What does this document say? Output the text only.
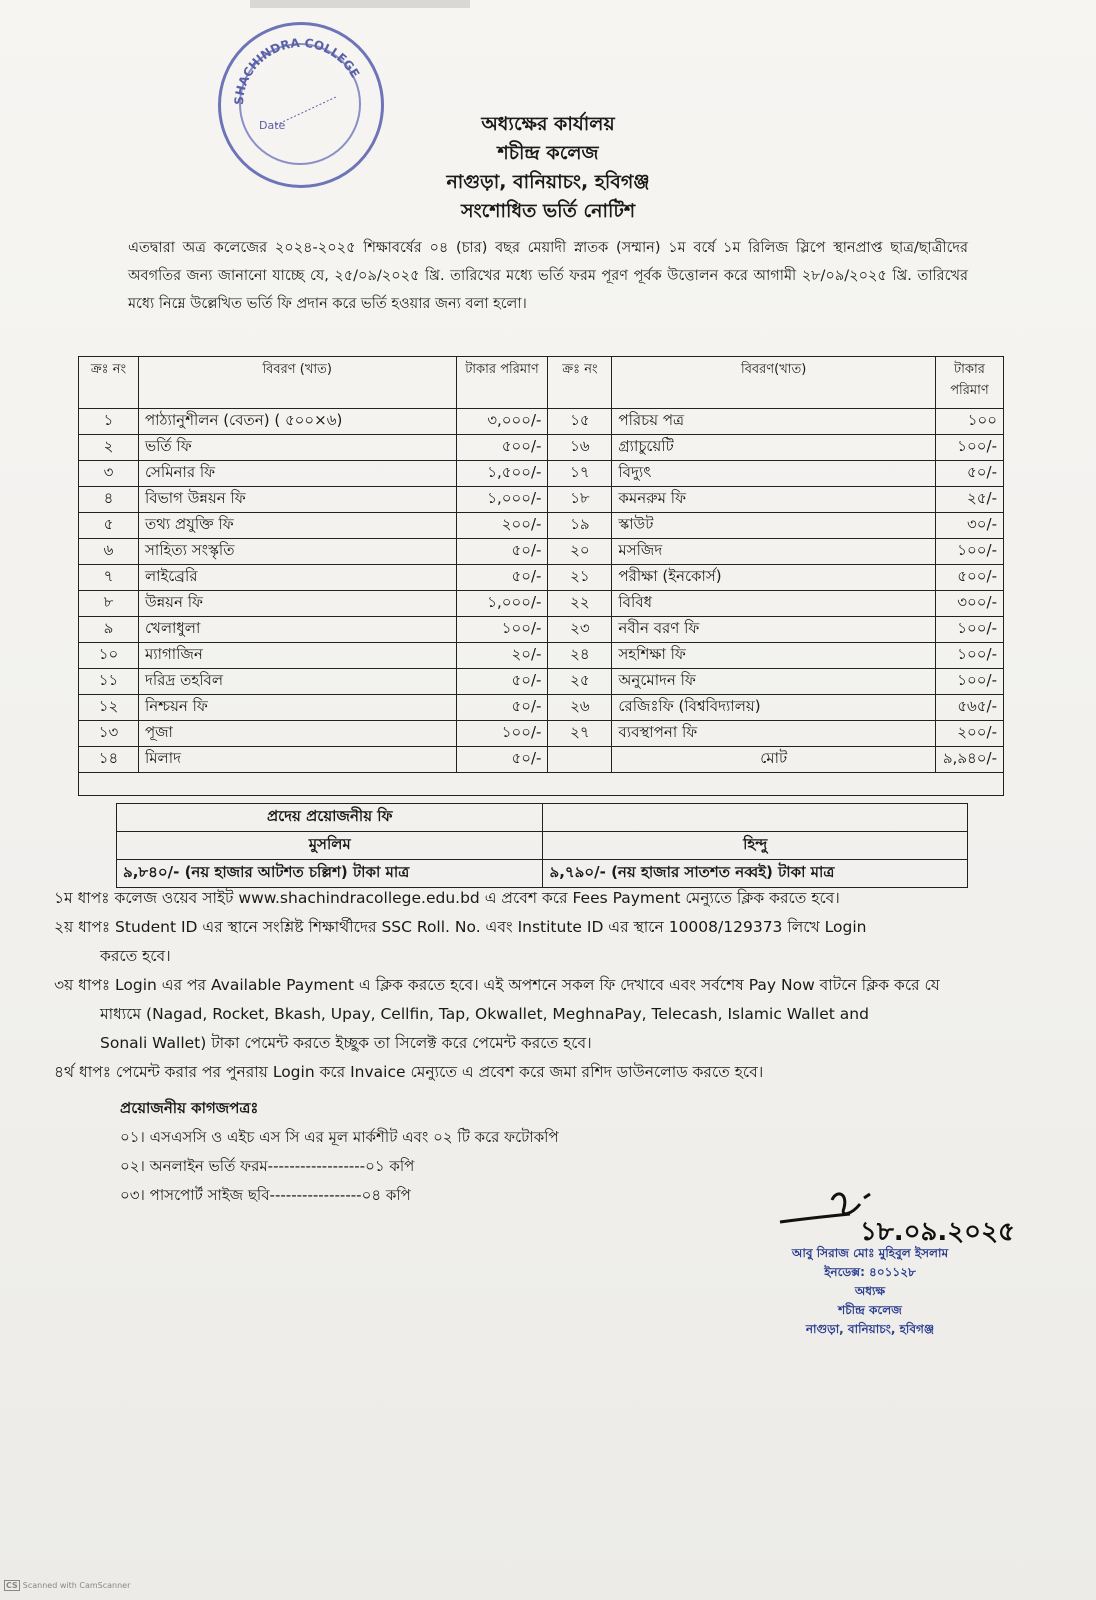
SHACHINDRA COLLEGE
Date	অধ্যক্ষের কার্যালয়
শচীন্দ্র কলেজ
নাগুড়া, বানিয়াচং, হবিগঞ্জ
সংশোধিত ভর্তি নোটিশ
এতদ্বারা অত্র কলেজের ২০২৪-২০২৫ শিক্ষাবর্ষের ০৪ (চার) বছর মেয়াদী স্নাতক (সম্মান) ১ম বর্ষে ১ম রিলিজ স্লিপে স্থানপ্রাপ্ত ছাত্র/ছাত্রীদের অবগতির জন্য জানানো যাচ্ছে যে, ২৫/০৯/২০২৫ খ্রি. তারিখের মধ্যে ভর্তি ফরম পূরণ পূর্বক উত্তোলন করে আগামী ২৮/০৯/২০২৫ খ্রি. তারিখের মধ্যে নিম্নে উল্লেখিত ভর্তি ফি প্রদান করে ভর্তি হওয়ার জন্য বলা হলো।
ক্রঃ নং	বিবরণ (খাত)	টাকার পরিমাণ	ক্রঃ নং	বিবরণ(খাত)	টাকার পরিমাণ
১	পাঠ্যানুশীলন (বেতন) ( ৫০০×৬)	৩,০০০/-	১৫	পরিচয় পত্র	১০০
২	ভর্তি ফি	৫০০/-	১৬	গ্র্যাচুয়েটি	১০০/-
৩	সেমিনার ফি	১,৫০০/-	১৭	বিদ্যুৎ	৫০/-
৪	বিভাগ উন্নয়ন ফি	১,০০০/-	১৮	কমনরুম ফি	২৫/-
৫	তথ্য প্রযুক্তি ফি	২০০/-	১৯	স্কাউট	৩০/-
৬	সাহিত্য সংস্কৃতি	৫০/-	২০	মসজিদ	১০০/-
৭	লাইব্রেরি	৫০/-	২১	পরীক্ষা (ইনকোর্স)	৫০০/-
৮	উন্নয়ন ফি	১,০০০/-	২২	বিবিধ	৩০০/-
৯	খেলাধুলা	১০০/-	২৩	নবীন বরণ ফি	১০০/-
১০	ম্যাগাজিন	২০/-	২৪	সহশিক্ষা ফি	১০০/-
১১	দরিদ্র তহবিল	৫০/-	২৫	অনুমোদন ফি	১০০/-
১২	নিশ্চয়ন ফি	৫০/-	২৬	রেজিঃফি (বিশ্ববিদ্যালয়)	৫৬৫/-
১৩	পূজা	১০০/-	২৭	ব্যবস্থাপনা ফি	২০০/-
১৪	মিলাদ	৫০/-		মোট	৯,৯৪০/-

প্রদেয় প্রয়োজনীয় ফি	
মুসলিম	হিন্দু
৯,৮৪০/- (নয় হাজার আটশত চল্লিশ) টাকা মাত্র	৯,৭৯০/- (নয় হাজার সাতশত নব্বই) টাকা মাত্র

১ম ধাপঃ কলেজ ওয়েব সাইট www.shachindracollege.edu.bd এ প্রবেশ করে Fees Payment মেন্যুতে ক্লিক করতে হবে।

২য় ধাপঃ Student ID এর স্থানে সংশ্লিষ্ট শিক্ষার্থীদের SSC Roll. No. এবং Institute ID এর স্থানে 10008/129373 লিখে Login

করতে হবে।

৩য় ধাপঃ Login এর পর Available Payment এ ক্লিক করতে হবে। এই অপশনে সকল ফি দেখাবে এবং সর্বশেষ Pay Now বাটনে ক্লিক করে যে

মাধ্যমে (Nagad, Rocket, Bkash, Upay, Cellfin, Tap, Okwallet, MeghnaPay, Telecash, Islamic Wallet and

Sonali Wallet) টাকা পেমেন্ট করতে ইচ্ছুক তা সিলেক্ট করে পেমেন্ট করতে হবে।

৪র্থ ধাপঃ পেমেন্ট করার পর পুনরায় Login করে Invaice মেন্যুতে এ প্রবেশ করে জমা রশিদ ডাউনলোড করতে হবে।

প্রয়োজনীয় কাগজপত্রঃ
০১। এসএসসি ও এইচ এস সি এর মূল মার্কশীট এবং ০২ টি করে ফটোকপি
০২। অনলাইন ভর্তি ফরম------------------০১ কপি
০৩। পাসপোর্ট সাইজ ছবি-----------------০৪ কপি
১৮.০৯.২০২৫
আবু সিরাজ মোঃ মুহিবুল ইসলাম
ইনডেক্স: ৪০১১২৮
অধ্যক্ষ
শচীন্দ্র কলেজ
নাগুড়া, বানিয়াচং, হবিগঞ্জ
CS Scanned with CamScanner
